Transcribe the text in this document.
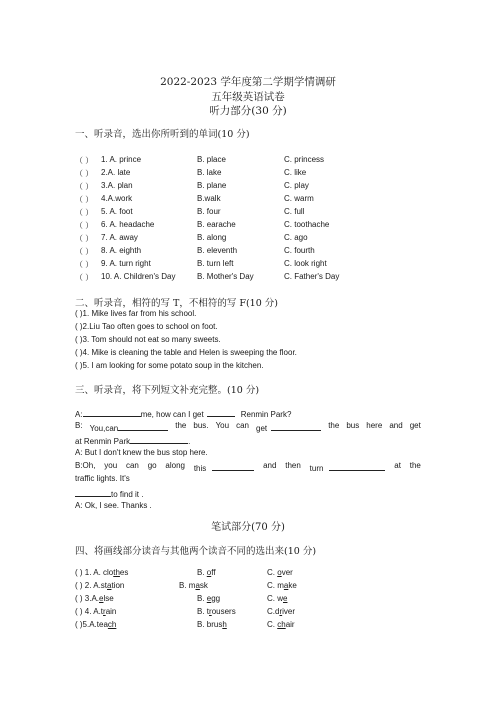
2022-2023 学年度第二学期学情调研
五年级英语试卷
听力部分(30 分)
一、听录音，选出你所听到的单词(10 分)
（ ） 1. A. prince	B. place	C. princess
（ ） 2.A. late	B. lake	C. like
（ ） 3.A. plan	B. plane	C. play
（ ） 4.A.work	B.walk	C. warm
（ ） 5. A. foot	B. four	C. full
（ ） 6. A. headache	B. earache	C. toothache
（ ） 7. A. away	B. along	C. ago
（ ） 8. A. eighth	B. eleventh	C. fourth
（ ） 9. A. turn right	B. turn left	C. look right
（ ） 10. A. Children's Day	B. Mother's Day	C. Father's Day
二、听录音，相符的写 T，不相符的写 F(10 分)
( )1. Mike lives far from his school.
( )2.Liu Tao often goes to school on foot.
( )3. Tom should not eat so many sweets.
( )4. Mike is cleaning the table and Helen is sweeping the floor.
( )5. I am looking for some potato soup in the kitchen.
三、听录音，将下列短文补充完整。(10 分)
A:	me, how can I get	Renmin Park?
B: You,can	the bus. You can get	the bus here and get
at Renmin Park	.
A: But I don't knew the bus stop here.
B:Oh, you can go along this	and then turn	at the
traffic lights. It's
to find it .
A: Ok, I see. Thanks .
笔试部分(70 分)
四、将画线部分读音与其他两个读音不同的选出来(10 分)
( ) 1. A. clothes	B. off	C. over
( ) 2. A.station	B. mask	C. make
( ) 3.A.else	B. egg	C. we
( ) 4. A.train	B. trousers	C.driver
( )5.A.teach	B. brush	C. chair
